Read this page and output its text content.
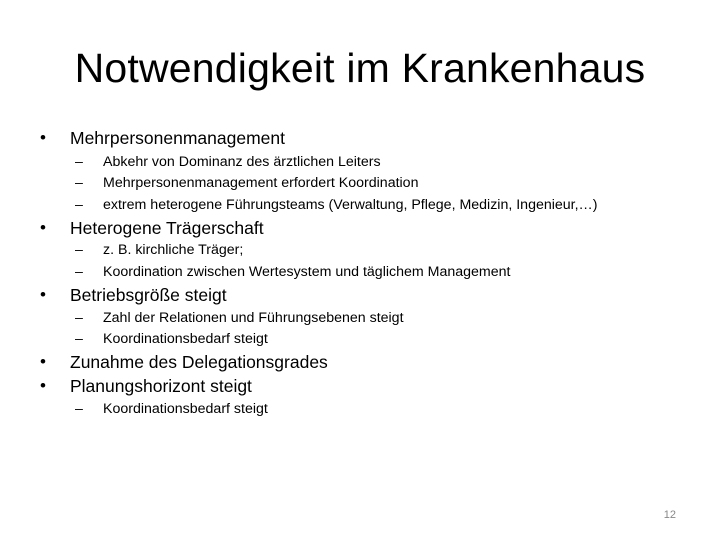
Notwendigkeit im Krankenhaus
• Mehrpersonenmanagement
– Abkehr von Dominanz des ärztlichen Leiters
– Mehrpersonenmanagement erfordert Koordination
– extrem heterogene Führungsteams (Verwaltung, Pflege, Medizin, Ingenieur,…)
• Heterogene Trägerschaft
– z. B. kirchliche Träger;
– Koordination zwischen Wertesystem und täglichem Management
• Betriebsgröße steigt
– Zahl der Relationen und Führungsebenen steigt
– Koordinationsbedarf steigt
• Zunahme des Delegationsgrades
• Planungshorizont steigt
– Koordinationsbedarf steigt
12
